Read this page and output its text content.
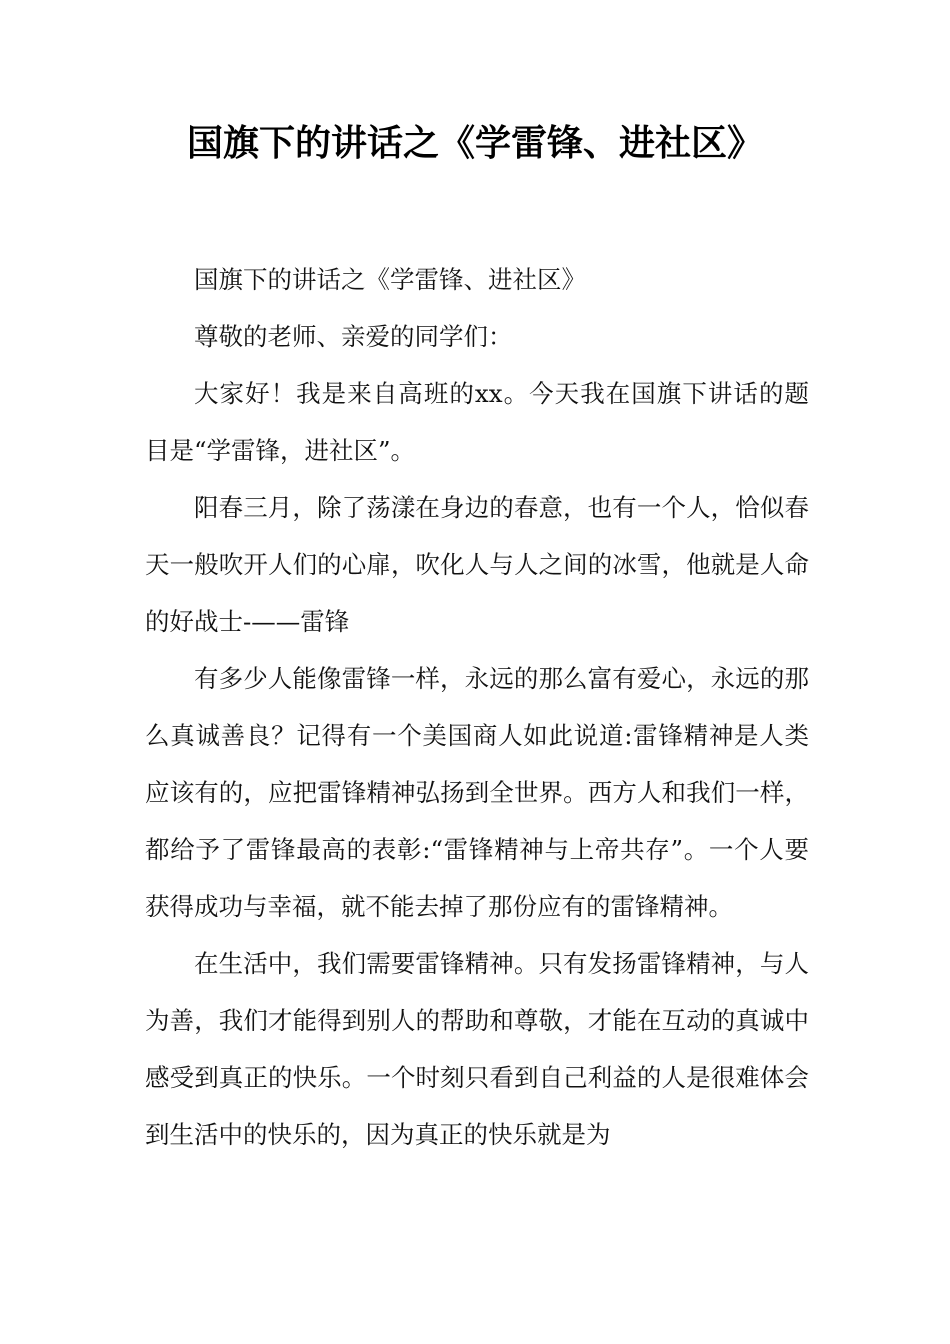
国旗下的讲话之《学雷锋、进社区》

国旗下的讲话之《学雷锋、进社区》

尊敬的老师、亲爱的同学们：

大家好！我是来自高班的xx。今天我在国旗下讲话的题目是“学雷锋，进社区”。

阳春三月，除了荡漾在身边的春意，也有一个人，恰似春天一般吹开人们的心扉，吹化人与人之间的冰雪，他就是人命的好战士-——雷锋

有多少人能像雷锋一样，永远的那么富有爱心，永远的那么真诚善良？记得有一个美国商人如此说道:雷锋精神是人类应该有的，应把雷锋精神弘扬到全世界。西方人和我们一样，都给予了雷锋最高的表彰:“雷锋精神与上帝共存”。一个人要获得成功与幸福，就不能去掉了那份应有的雷锋精神。

在生活中，我们需要雷锋精神。只有发扬雷锋精神，与人为善，我们才能得到别人的帮助和尊敬，才能在互动的真诚中感受到真正的快乐。一个时刻只看到自己利益的人是很难体会到生活中的快乐的，因为真正的快乐就是为
